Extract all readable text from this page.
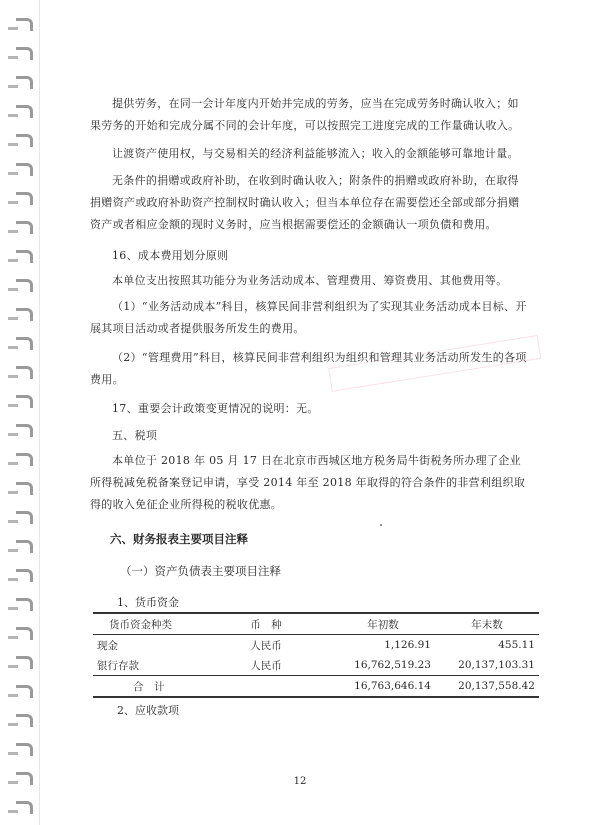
提供劳务，在同一会计年度内开始并完成的劳务，应当在完成劳务时确认收入；如果劳务的开始和完成分属不同的会计年度，可以按照完工进度完成的工作量确认收入。
让渡资产使用权，与交易相关的经济利益能够流入；收入的金额能够可靠地计量。
无条件的捐赠或政府补助，在收到时确认收入；附条件的捐赠或政府补助，在取得捐赠资产或政府补助资产控制权时确认收入；但当本单位存在需要偿还全部或部分捐赠资产或者相应金额的现时义务时，应当根据需要偿还的金额确认一项负债和费用。
16、成本费用划分原则
本单位支出按照其功能分为业务活动成本、管理费用、筹资费用、其他费用等。
（1）“业务活动成本”科目，核算民间非营利组织为了实现其业务活动成本目标、开展其项目活动或者提供服务所发生的费用。
（2）“管理费用”科目，核算民间非营利组织为组织和管理其业务活动所发生的各项费用。
17、重要会计政策变更情况的说明：无。
五、税项
本单位于 2018 年 05 月 17 日在北京市西城区地方税务局牛街税务所办理了企业所得税减免税备案登记申请，享受 2014 年至 2018 年取得的符合条件的非营利组织取得的收入免征企业所得税的税收优惠。
六、财务报表主要项目注释
（一）资产负债表主要项目注释
1、货币资金
货币资金种类	币　种	年初数	年末数
现金	人民币	1,126.91	455.11
银行存款	人民币	16,762,519.23	20,137,103.31
合　计		16,763,646.14	20,137,558.42
2、应收款项
12
